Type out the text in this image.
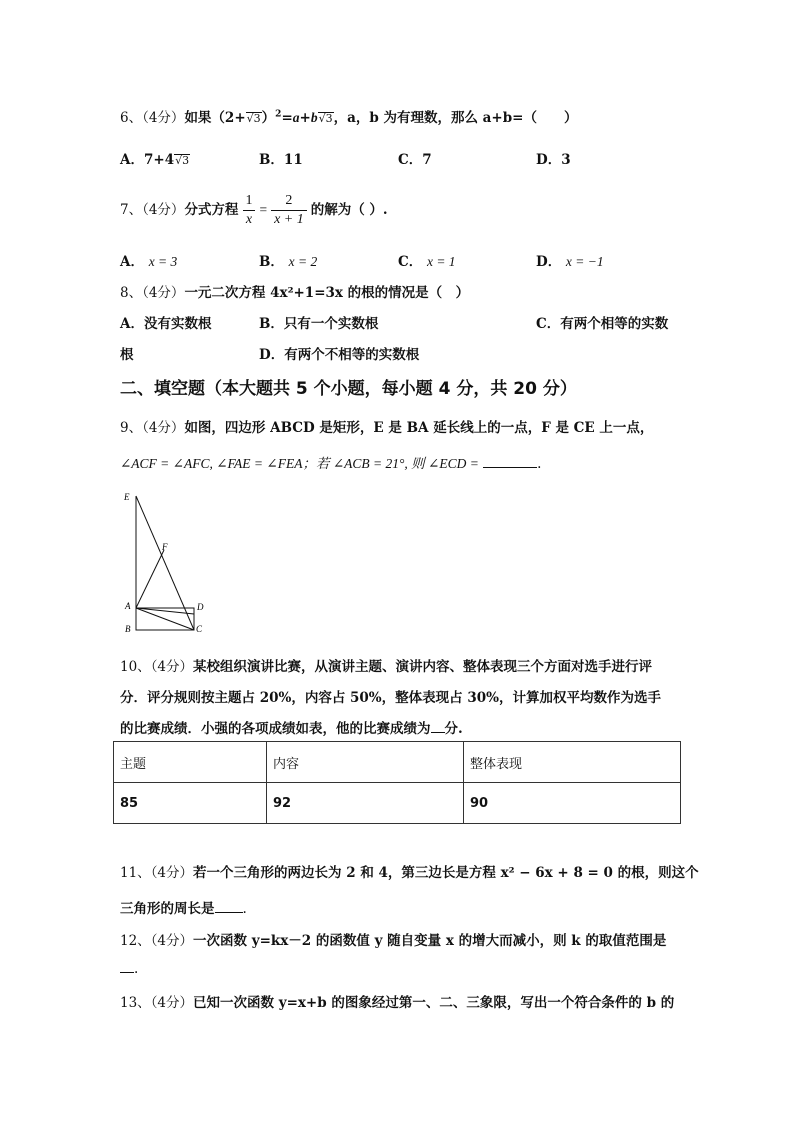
6、（4分）如果$(2+√3)^2=a+b√3$，a，b 为有理数，那么 a+b=（　　）
A．7+4√3	B．11	C．7	D．3
7、（4分）分式方程 $\frac{1}{x} = \frac{2}{x + 1}$ 的解为（ ）.
A． x = 3	B． x = 2	C． x = 1	D． x = −1
8、（4分）一元二次方程 4x²+1=3x 的根的情况是（　）
A．没有实数根	B．只有一个实数根	C．有两个相等的实数
根	D．有两个不相等的实数根
二、填空题（本大题共 5 个小题，每小题 4 分，共 20 分）
9、（4分）如图，四边形 ABCD 是矩形，E 是 BA 延长线上的一点，F 是 CE 上一点，
∠ACF = ∠AFC, ∠FAE = ∠FEA；若 ∠ACB = 21°, 则 ∠ECD =	.
E
F
A	D
B	C
10、（4分）某校组织演讲比赛，从演讲主题、演讲内容、整体表现三个方面对选手进行评
分．评分规则按主题占 20%，内容占 50%，整体表现占 30%，计算加权平均数作为选手
的比赛成绩．小强的各项成绩如表，他的比赛成绩为 分.
主题	内容	整体表现
85	92	90
11、（4分）若一个三角形的两边长为 2 和 4，第三边长是方程 x² − 6x + 8 = 0 的根，则这个
三角形的周长是 .
12、（4分）一次函数 y=kx－2 的函数值 y 随自变量 x 的增大而减小，则 k 的取值范围是
.
13、（4分）已知一次函数 y=x+b 的图象经过第一、二、三象限，写出一个符合条件的 b 的
